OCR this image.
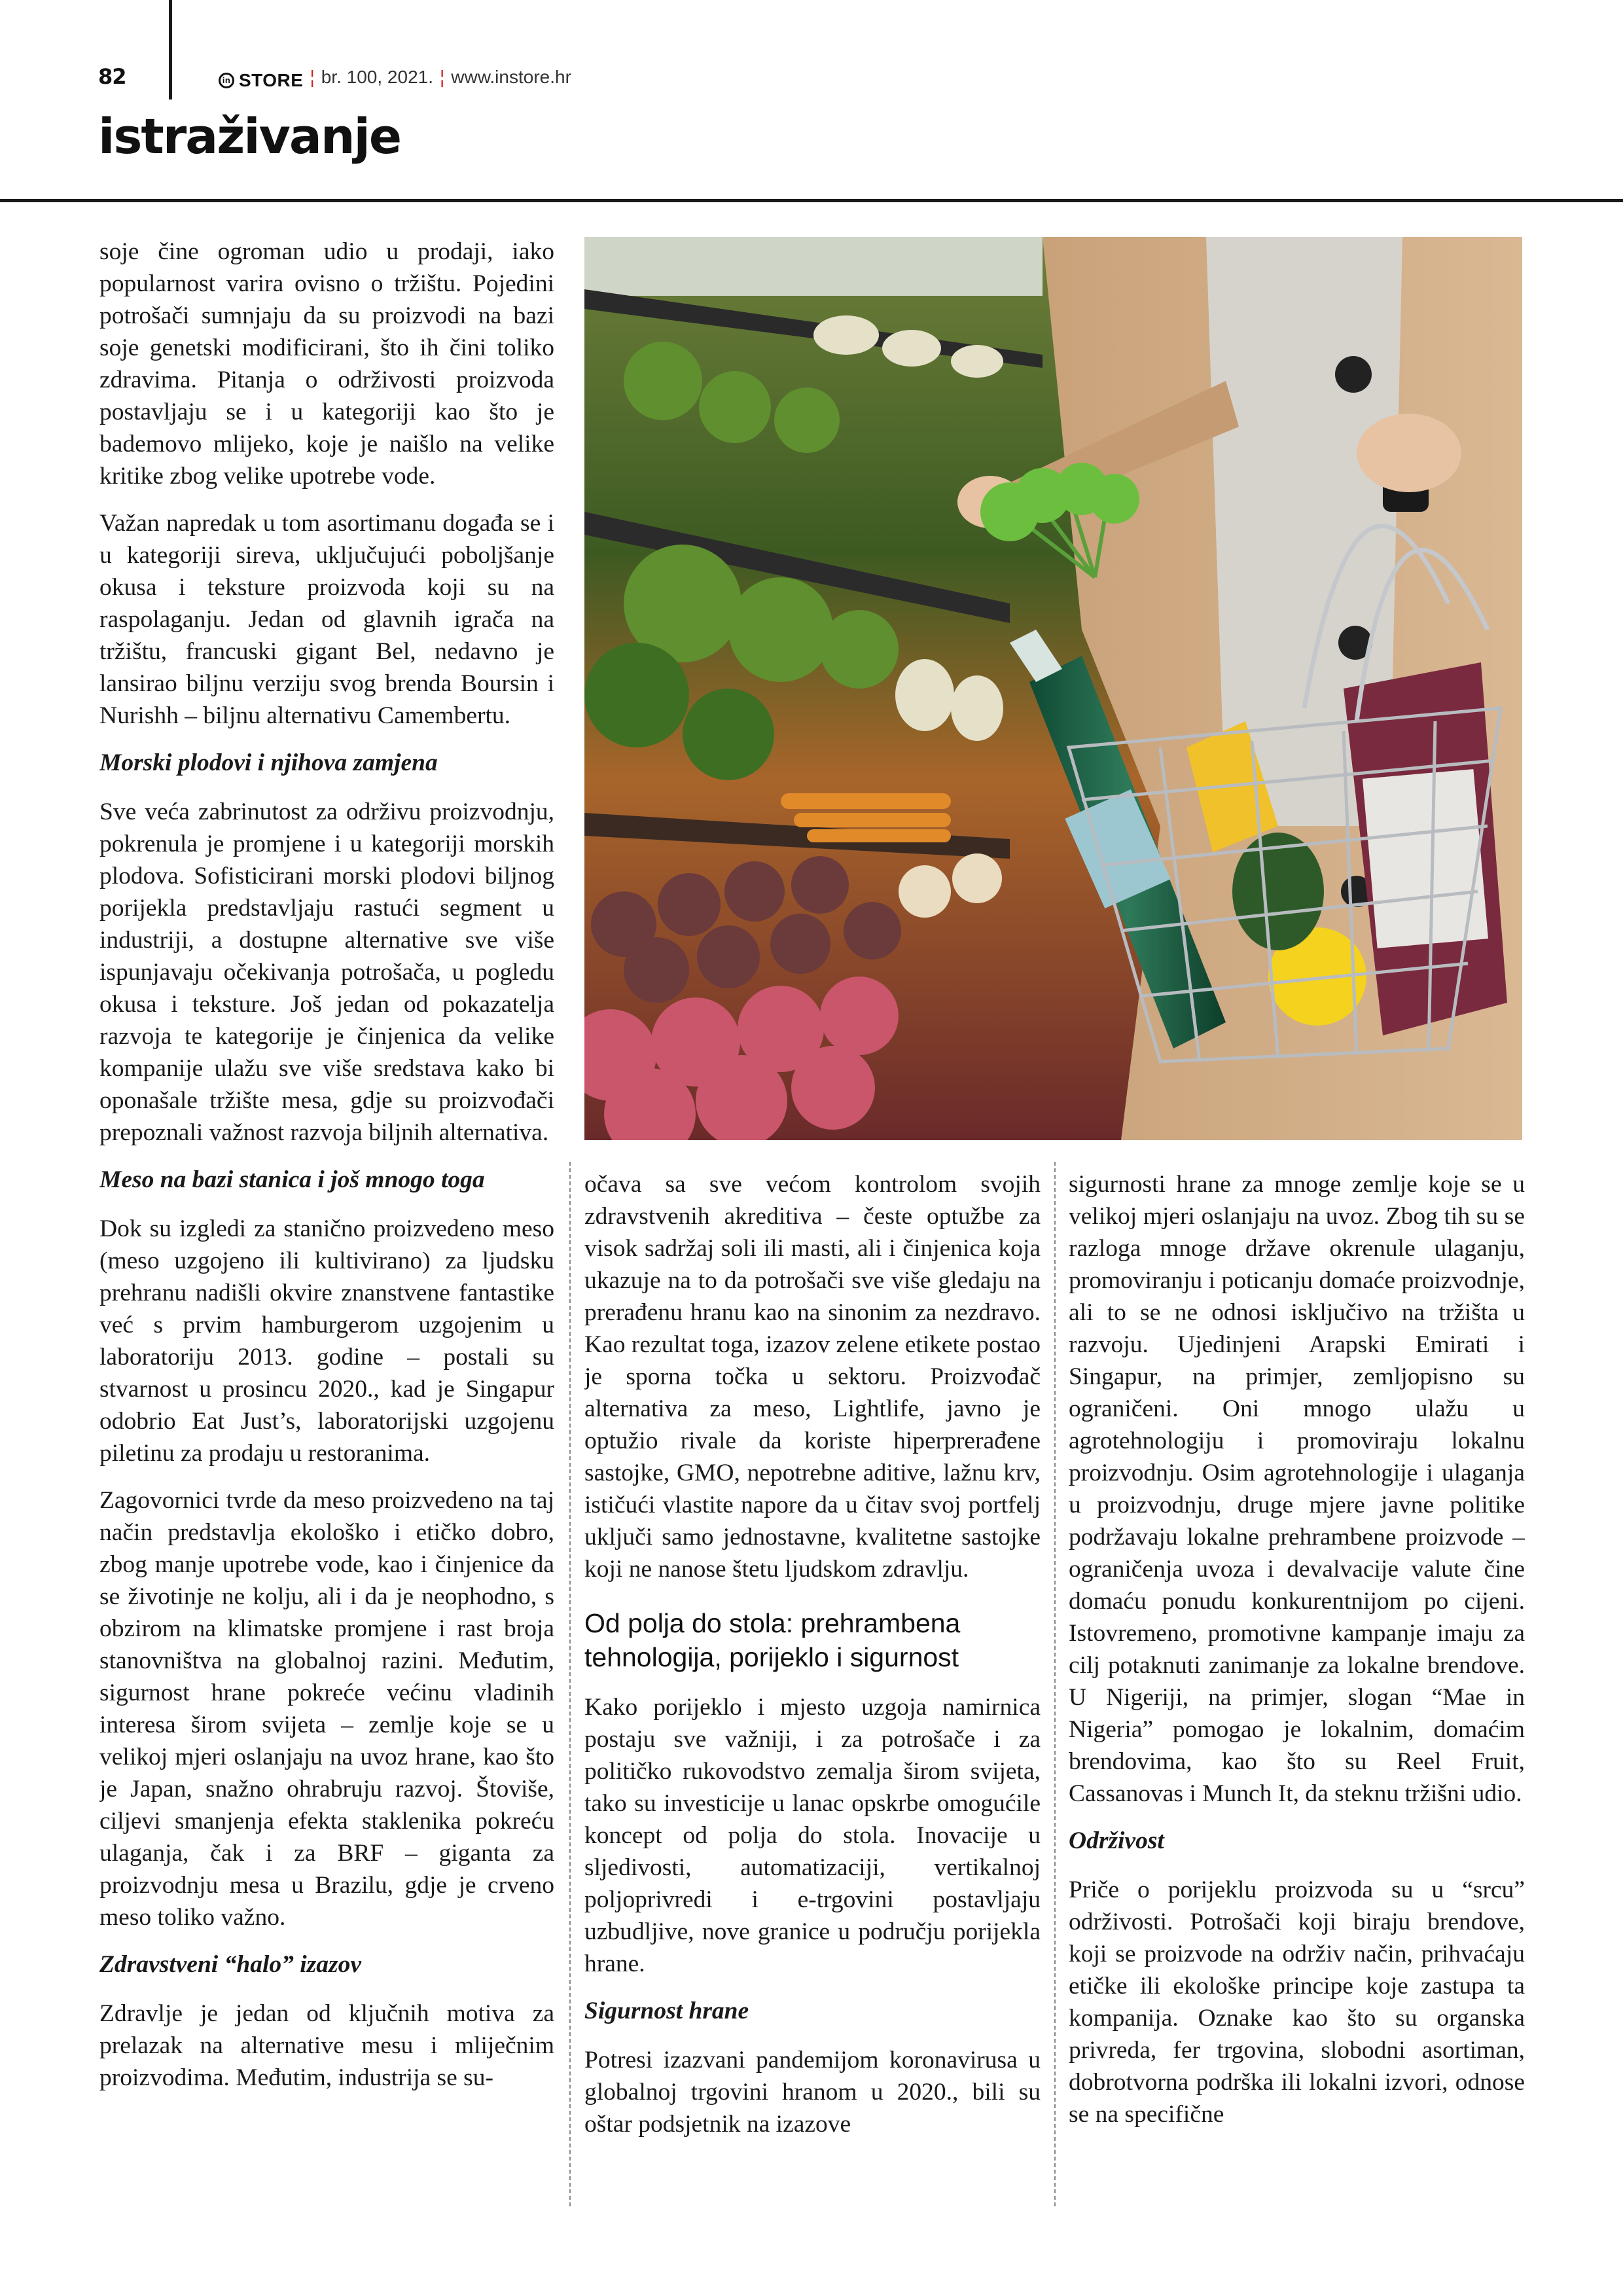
82	in STORE ¦ br. 100, 2021. ¦ www.instore.hr
istraživanje

soje čine ogroman udio u prodaji, iako popularnost varira ovisno o tržištu. Pojedini potrošači sumnjaju da su proizvodi na bazi soje genetski modificirani, što ih čini toliko zdravima. Pitanja o održivosti proizvoda postavljaju se i u kategoriji kao što je bademovo mlijeko, koje je naišlo na velike kritike zbog velike upotrebe vode.

Važan napredak u tom asortimanu događa se i u kategoriji sireva, uključujući poboljšanje okusa i teksture proizvoda koji su na raspolaganju. Jedan od glavnih igrača na tržištu, francuski gigant Bel, nedavno je lansirao biljnu verziju svog brenda Boursin i Nurishh – biljnu alternativu Camembertu.

Morski plodovi i njihova zamjena

Sve veća zabrinutost za održivu proizvodnju, pokrenula je promjene i u kategoriji morskih plodova. Sofisticirani morski plodovi biljnog porijekla predstavljaju rastući segment u industriji, a dostupne alternative sve više ispunjavaju očekivanja potrošača, u pogledu okusa i teksture. Još jedan od pokazatelja razvoja te kategorije je činjenica da velike kompanije ulažu sve više sredstava kako bi oponašale tržište mesa, gdje su proizvođači prepoznali važnost razvoja biljnih alternativa.

Meso na bazi stanica i još mnogo toga

Dok su izgledi za stanično proizvedeno meso (meso uzgojeno ili kultivirano) za ljudsku prehranu nadišli okvire znanstvene fantastike već s prvim hamburgerom uzgojenim u laboratoriju 2013. godine – postali su stvarnost u prosincu 2020., kad je Singapur odobrio Eat Just’s, laboratorijski uzgojenu piletinu za prodaju u restoranima.

Zagovornici tvrde da meso proizvedeno na taj način predstavlja ekološko i etičko dobro, zbog manje upotrebe vode, kao i činjenice da se životinje ne kolju, ali i da je neophodno, s obzirom na klimatske promjene i rast broja stanovništva na globalnoj razini. Međutim, sigurnost hrane pokreće većinu vladinih interesa širom svijeta – zemlje koje se u velikoj mjeri oslanjaju na uvoz hrane, kao što je Japan, snažno ohrabruju razvoj. Štoviše, ciljevi smanjenja efekta staklenika pokreću ulaganja, čak i za BRF – giganta za proizvodnju mesa u Brazilu, gdje je crveno meso toliko važno.

Zdravstveni “halo” izazov

Zdravlje je jedan od ključnih motiva za prelazak na alternative mesu i mliječnim proizvodima. Međutim, industrija se su-

očava sa sve većom kontrolom svojih zdravstvenih akreditiva – česte optužbe za visok sadržaj soli ili masti, ali i činjenica koja ukazuje na to da potrošači sve više gledaju na prerađenu hranu kao na sinonim za nezdravo. Kao rezultat toga, izazov zelene etikete postao je sporna točka u sektoru. Proizvođač alternativa za meso, Lightlife, javno je optužio rivale da koriste hiperprerađene sastojke, GMO, nepotrebne aditive, lažnu krv, ističući vlastite napore da u čitav svoj portfelj uključi samo jednostavne, kvalitetne sastojke koji ne nanose štetu ljudskom zdravlju.

Od polja do stola: prehrambena tehnologija, porijeklo i sigurnost

Kako porijeklo i mjesto uzgoja namirnica postaju sve važniji, i za potrošače i za političko rukovodstvo zemalja širom svijeta, tako su investicije u lanac opskrbe omogućile koncept od polja do stola. Inovacije u sljedivosti, automatizaciji, vertikalnoj poljoprivredi i e-trgovini postavljaju uzbudljive, nove granice u području porijekla hrane.

Sigurnost hrane

Potresi izazvani pandemijom koronavirusa u globalnoj trgovini hranom u 2020., bili su oštar podsjetnik na izazove

sigurnosti hrane za mnoge zemlje koje se u velikoj mjeri oslanjaju na uvoz. Zbog tih su se razloga mnoge države okrenule ulaganju, promoviranju i poticanju domaće proizvodnje, ali to se ne odnosi isključivo na tržišta u razvoju. Ujedinjeni Arapski Emirati i Singapur, na primjer, zemljopisno su ograničeni. Oni mnogo ulažu u agrotehnologiju i promoviraju lokalnu proizvodnju. Osim agrotehnologije i ulaganja u proizvodnju, druge mjere javne politike podržavaju lokalne prehrambene proizvode – ograničenja uvoza i devalvacije valute čine domaću ponudu konkurentnijom po cijeni. Istovremeno, promotivne kampanje imaju za cilj potaknuti zanimanje za lokalne brendove. U Nigeriji, na primjer, slogan “Mae in Nigeria” pomogao je lokalnim, domaćim brendovima, kao što su Reel Fruit, Cassanovas i Munch It, da steknu tržišni udio.

Održivost

Priče o porijeklu proizvoda su u “srcu” održivosti. Potrošači koji biraju brendove, koji se proizvode na održiv način, prihvaćaju etičke ili ekološke principe koje zastupa ta kompanija. Oznake kao što su organska privreda, fer trgovina, slobodni asortiman, dobrotvorna podrška ili lokalni izvori, odnose se na specifične
